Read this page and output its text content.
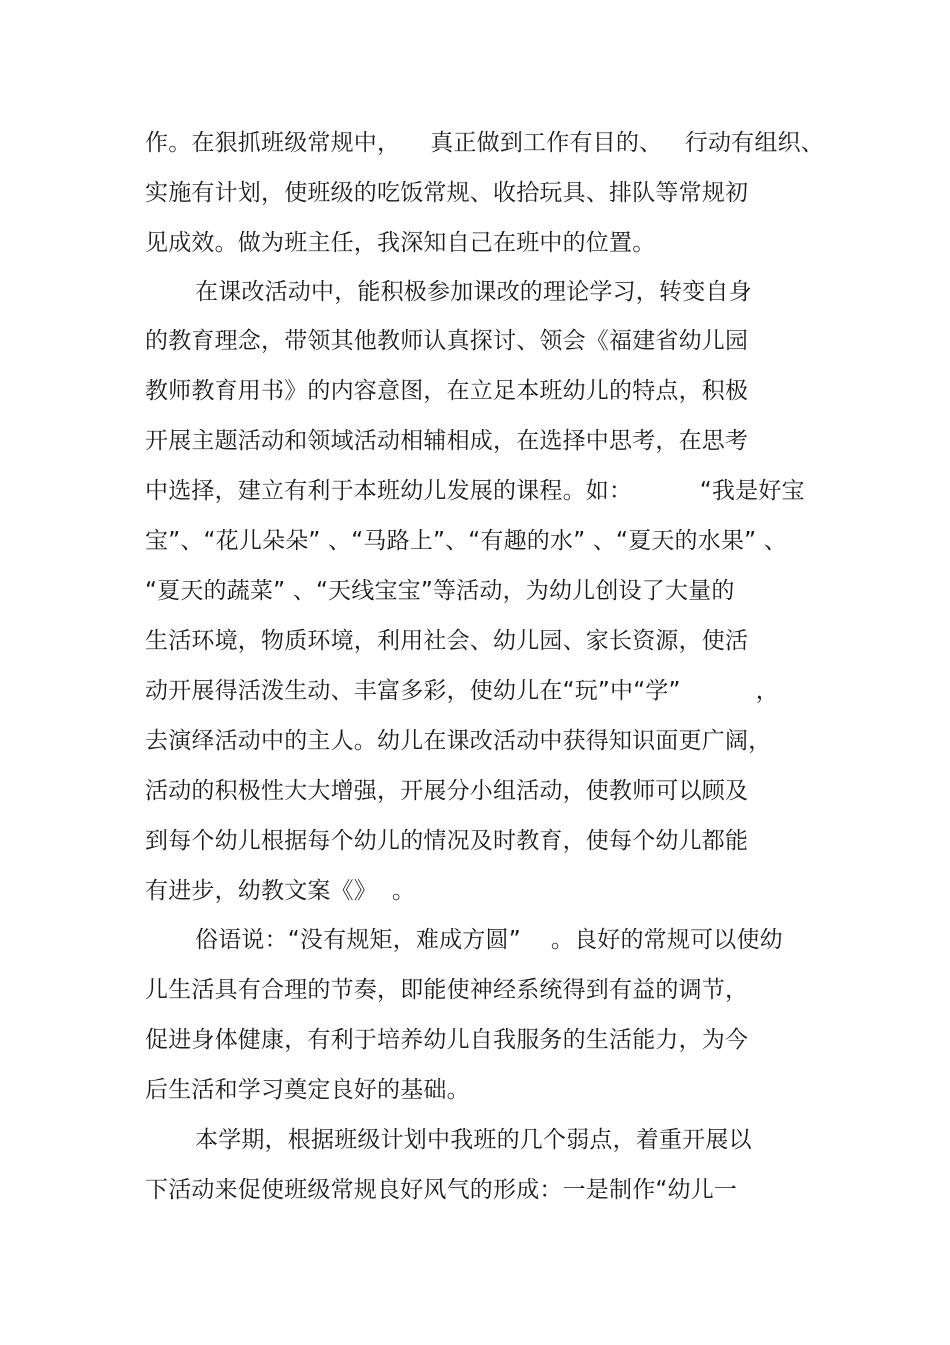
作。在狠抓班级常规中，    真正做到工作有目的、   行动有组织、
实施有计划，使班级的吃饭常规、收拾玩具、排队等常规初
见成效。做为班主任，我深知自己在班中的位置。
在课改活动中，能积极参加课改的理论学习，转变自身
的教育理念，带领其他教师认真探讨、领会《福建省幼儿园
教师教育用书》的内容意图，在立足本班幼儿的特点，积极
开展主题活动和领域活动相辅相成，在选择中思考，在思考
中选择，建立有利于本班幼儿发展的课程。如：         “我是好宝
宝”、“花儿朵朵” 、“马路上”、“有趣的水” 、“夏天的水果” 、
“夏天的蔬菜” 、“天线宝宝”等活动，为幼儿创设了大量的
生活环境，物质环境，利用社会、幼儿园、家长资源，使活
动开展得活泼生动、丰富多彩，使幼儿在“玩”中“学”          ，
去演绎活动中的主人。幼儿在课改活动中获得知识面更广阔，
活动的积极性大大增强，开展分小组活动，使教师可以顾及
到每个幼儿根据每个幼儿的情况及时教育，使每个幼儿都能
有进步，幼教文案《》  。
俗语说：“没有规矩，难成方圆”    。良好的常规可以使幼
儿生活具有合理的节奏，即能使神经系统得到有益的调节，
促进身体健康，有利于培养幼儿自我服务的生活能力，为今
后生活和学习奠定良好的基础。
本学期，根据班级计划中我班的几个弱点，着重开展以
下活动来促使班级常规良好风气的形成：一是制作“幼儿一
